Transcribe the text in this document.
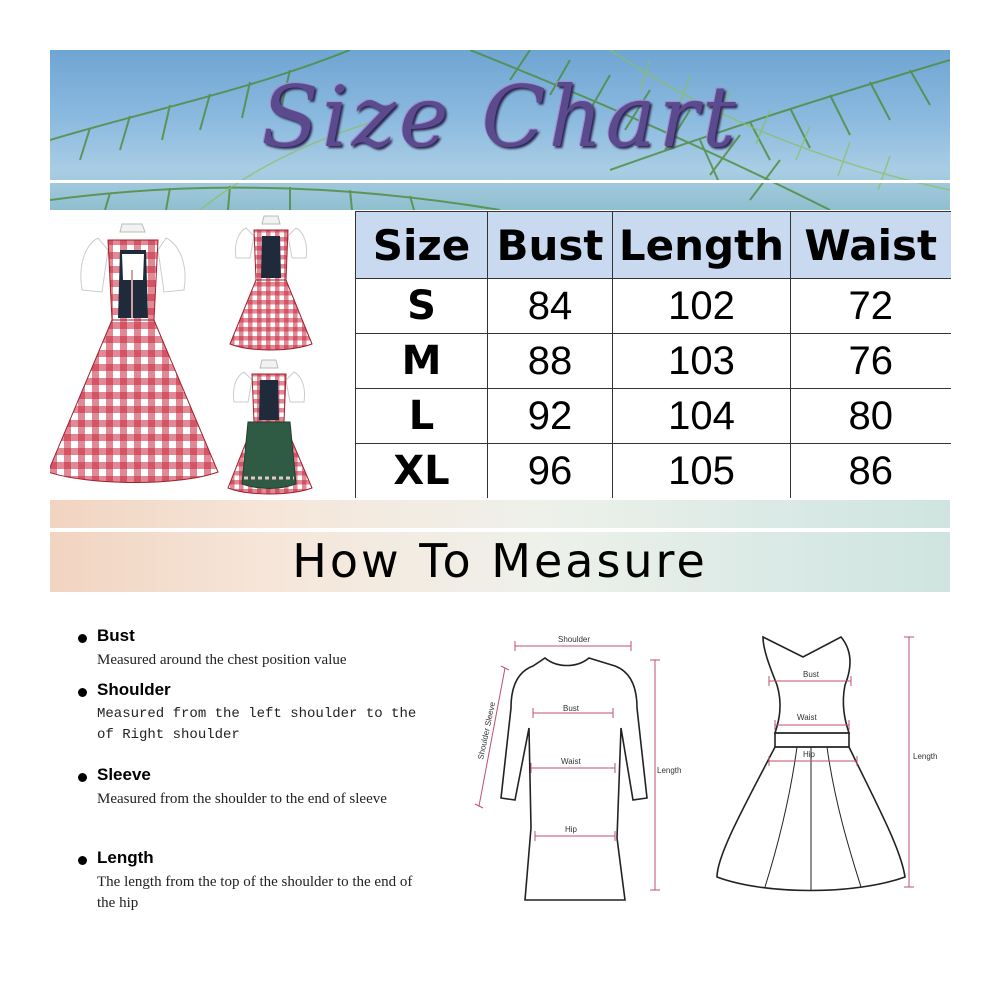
Size Chart
Size	Bust	Length	Waist
S	84	102	72
M	88	103	76
L	92	104	80
XL	96	105	86
How To Measure
Bust
Measured around the chest position value
Shoulder
Measured from the left shoulder to the of Right shoulder
Sleeve
Measured from the shoulder to the end of sleeve
Length
The length from the top of the shoulder to the end of the hip
Shoulder
Bust
Waist
Hip
Length
Shoulder Sleeve
Bust
Waist
Hip	Length
